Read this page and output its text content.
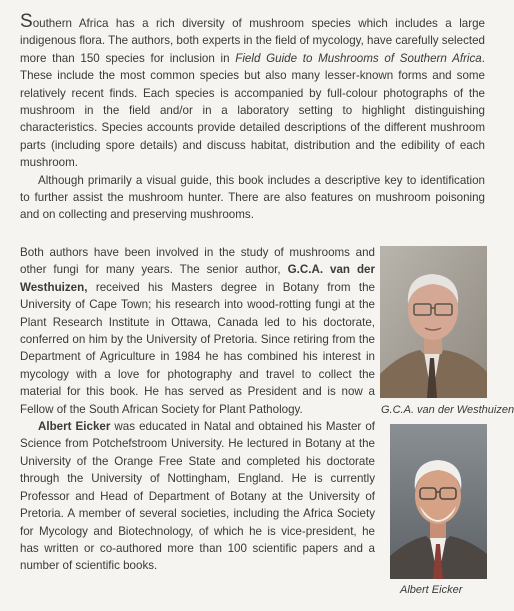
Southern Africa has a rich diversity of mushroom species which includes a large indigenous flora. The authors, both experts in the field of mycology, have carefully selected more than 150 species for inclusion in Field Guide to Mushrooms of Southern Africa. These include the most common species but also many lesser-known forms and some relatively recent finds. Each species is accompanied by full-colour photographs of the mushroom in the field and/or in a laboratory setting to highlight distinguishing characteristics. Species accounts provide detailed descriptions of the different mushroom parts (including spore details) and discuss habitat, distribution and the edibility of each mushroom.

Although primarily a visual guide, this book includes a descriptive key to identification to further assist the mushroom hunter. There are also features on mushroom poisoning and on collecting and preserving mushrooms.

Both authors have been involved in the study of mushrooms and other fungi for many years. The senior author, G.C.A. van der Westhuizen, received his Masters degree in Botany from the University of Cape Town; his research into wood-rotting fungi at the Plant Research Institute in Ottawa, Canada led to his doctorate, conferred on him by the University of Pretoria. Since retiring from the Department of Agriculture in 1984 he has combined his interest in mycology with a love for photography and travel to collect the material for this book. He has served as President and is now a Fellow of the South African Society for Plant Pathology.

Albert Eicker was educated in Natal and obtained his Master of Science from Potchefstroom University. He lectured in Botany at the University of the Orange Free State and completed his doctorate through the University of Nottingham, England. He is currently Professor and Head of Department of Botany at the University of Pretoria. A member of several societies, including the Africa Society for Mycology and Biotechnology, of which he is vice-president, he has written or co-authored more than 100 scientific papers and a number of scientific books.

G.C.A. van der Westhuizen
Albert Eicker
